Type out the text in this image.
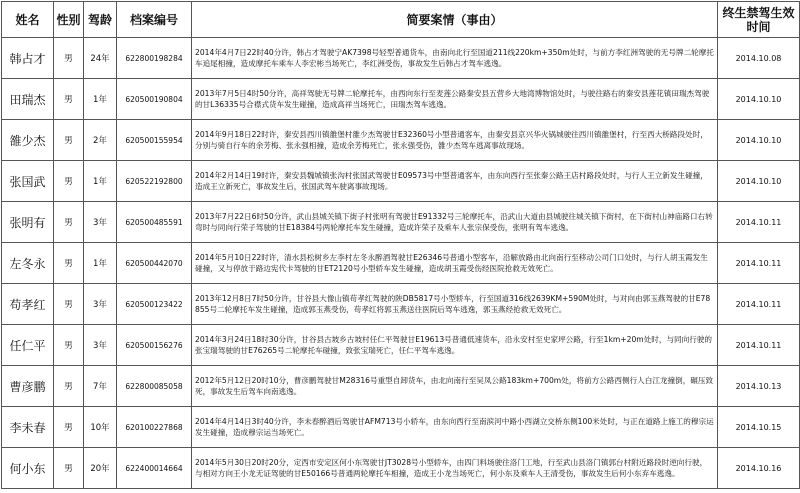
姓名	性别	驾龄	档案编号	简要案情（事由）	终生禁驾生效时间
韩占才	男	24年	622800198284	2014年4月7日22时40分许，韩占才驾驶宁AK7398号轻型普通货车，由南向北行至国道211线220km+350m处时，与前方李红洲驾驶的无号牌二轮摩托车追尾相撞，造成摩托车乘车人李宏彬当场死亡，李红洲受伤，事故发生后韩占才驾车逃逸。	2014.10.08
田瑞杰	男	1年	620500190804	2013年7月5日4时50分许，高祥驾驶无号牌二轮摩托车，由西向东行至麦莲公路秦安县五营乡大地湾博物馆处时，与驶往路右的秦安县莲花镇田瑞杰驾驶的甘L36335号合襟式货车发生碰撞，造成高祥当场死亡，田瑞杰驾车逃逸。	2014.10.10
雒少杰	男	2年	620500155954	2014年9月18日22时许，秦安县西川镇雒堡村雒少杰驾驶甘E32360号小型普通客车，由秦安县京兴华火锅城驶往西川镇雒堡村，行至西大桥路段处时，分别与骑自行车的余芳梅、张永强相撞，造成余芳梅死亡，张永强受伤，雒少杰驾车逃离事故现场。	2014.10.10
张国武	男	1年	620522192800	2014年2月14日19时许，秦安县魏城镇张沟村张国武驾驶甘E09573号中型普通客车，由东向西行至张秦公路王店村路段处时，与行人王立新发生碰撞，造成王立新死亡，事故发生后，张国武驾车驶离事故现场。	2014.10.10
张明有	男	3年	620500485591	2013年7月22日6时50分许，武山县城关镇下街子村张明有驾驶甘E91332号三轮摩托车，沿武山大道由县城驶往城关镇下街村，在下街村山神庙路口右转弯时与同向行荣子驾驶的甘E18384号两轮摩托车发生碰撞，造成许荣子及乘车人张宗保受伤，张明有驾车逃逸。	2014.10.11
左冬永	男	1年	620500442070	2014年5月10日22时许，清水县松树乡左李村左冬永醉酒驾驶甘E26346号普通小型客车，沿解放路由北向南行至移动公司门口处时，与行人胡玉霞发生碰撞，又与停放于路边宪代卡驾驶的甘ET2120号小型轿车发生碰撞，造成胡玉霞受伤经医院抢救无效死亡。	2014.10.11
苟孝红	男	3年	620500123422	2013年12月8日7时50分许，甘谷县大像山镇苟孝红驾驶的陕DB5817号小型轿车，行至国道316线2639KM+590M处时，与对向由郭玉燕驾驶的甘E78855号二轮摩托车发生碰撞，造成郭玉燕受伤，苟孝红将郭玉燕送往医院后驾车逃逸，郭玉燕经抢救无效死亡。	2014.10.11
任仁平	男	3年	620500156276	2014年3月24日18时30分许，甘谷县古坡乡古坡村任仁平驾驶甘E19613号普通低速货车，沿永安村至史家坪公路，行至1km+20m处时，与同向行驶的张宝瑞驾驶的甘E76265号二轮摩托车碰撞，致张宝瑞死亡，任仁平驾车逃逸。	2014.10.11
曹彦鹏	男	7年	622800085058	2012年5月12日20时10分，曹彦鹏驾驶甘M28316号重型自卸货车，由北向南行至吴凤公路183km+700m处，将前方公路西侧行人白江龙撞倒，碾压致死，事故发生后驾车向南逃逸。	2014.10.13
李未春	男	10年	620100227868	2014年4月14日3时40分许，李未春醉酒后驾驶甘AFM713号小轿车，由东向西行至南滨河中路小西湖立交桥东侧100米处时，与正在道路上施工的穆宗运发生碰撞，造成穆宗运当场死亡。	2014.10.15
何小东	男	20年	622400014664	2014年5月30日20时20分，定西市安定区何小东驾驶甘JT3028号小型轿车，由四门料场驶往洛门工地，行至武山县洛门镇郭台村附近路段时逆向行驶，与相对方向王小龙无证驾驶的甘E50166号普通两轮摩托车相撞，造成王小龙当场死亡，何小东及乘车人王清受伤，事故发生后何小东弃车逃逸。	2014.10.16
